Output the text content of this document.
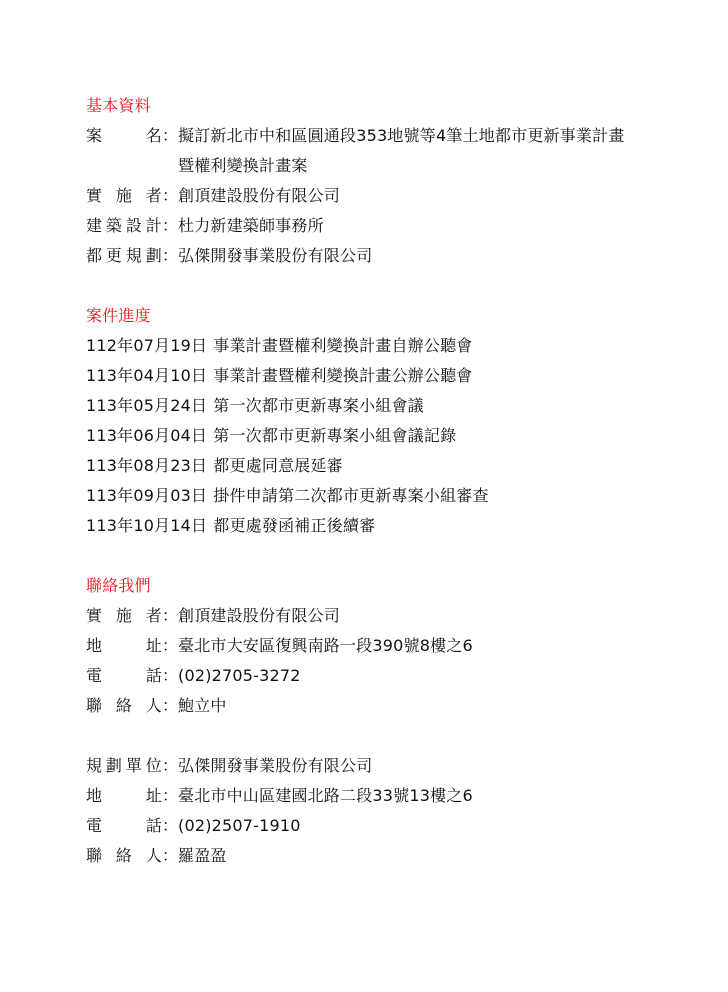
基本資料
案	名 ： 擬訂新北市中和區圓通段353地號等4筆土地都市更新事業計畫
暨權利變換計畫案
實 施 者 ： 創頂建設股份有限公司
建 築 設 計 ： 杜力新建築師事務所
都 更 規 劃 ： 弘傑開發事業股份有限公司
案件進度
112年07月19日 事業計畫暨權利變換計畫自辦公聽會
113年04月10日 事業計畫暨權利變換計畫公辦公聽會
113年05月24日 第一次都市更新專案小組會議
113年06月04日 第一次都市更新專案小組會議記錄
113年08月23日 都更處同意展延審
113年09月03日 掛件申請第二次都市更新專案小組審查
113年10月14日 都更處發函補正後續審
聯絡我們
實 施 者 ： 創頂建設股份有限公司
地	址 ： 臺北市大安區復興南路一段390號8樓之6
電	話 ： (02)2705-3272
聯 絡 人 ： 鮑立中
規 劃 單 位 ： 弘傑開發事業股份有限公司
地	址 ： 臺北市中山區建國北路二段33號13樓之6
電	話 ： (02)2507-1910
聯 絡 人 ： 羅盈盈
